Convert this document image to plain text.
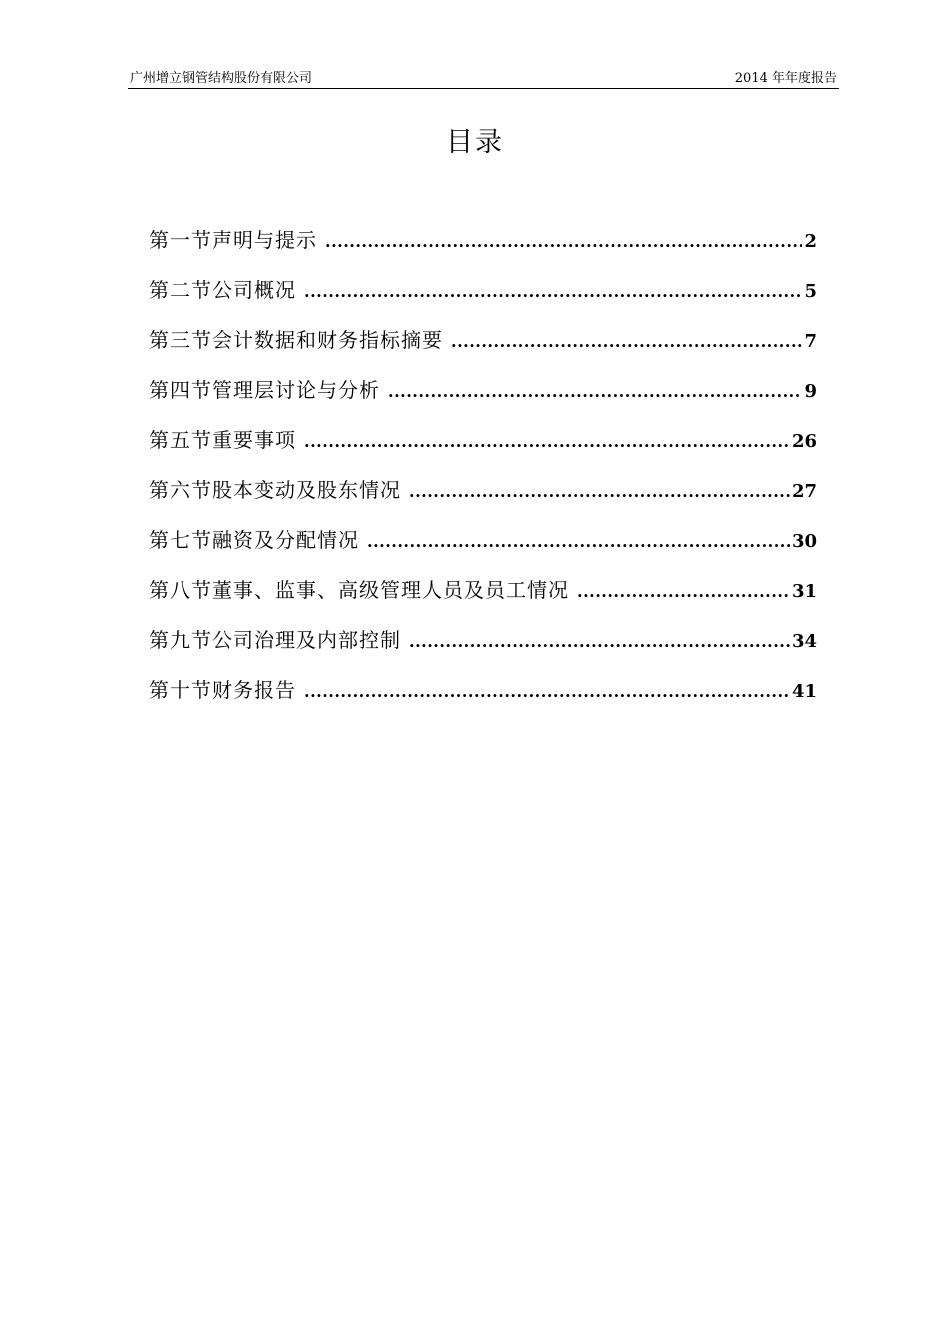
广州增立钢管结构股份有限公司	2014 年年度报告
目录
第一节声明与提示 .....	2
第二节公司概况 .....	5
第三节会计数据和财务指标摘要 .....	7
第四节管理层讨论与分析 .....	9
第五节重要事项 .....	26
第六节股本变动及股东情况 .....	27
第七节融资及分配情况 .....	30
第八节董事、监事、高级管理人员及员工情况 .....	31
第九节公司治理及内部控制 .....	34
第十节财务报告 .....	41
